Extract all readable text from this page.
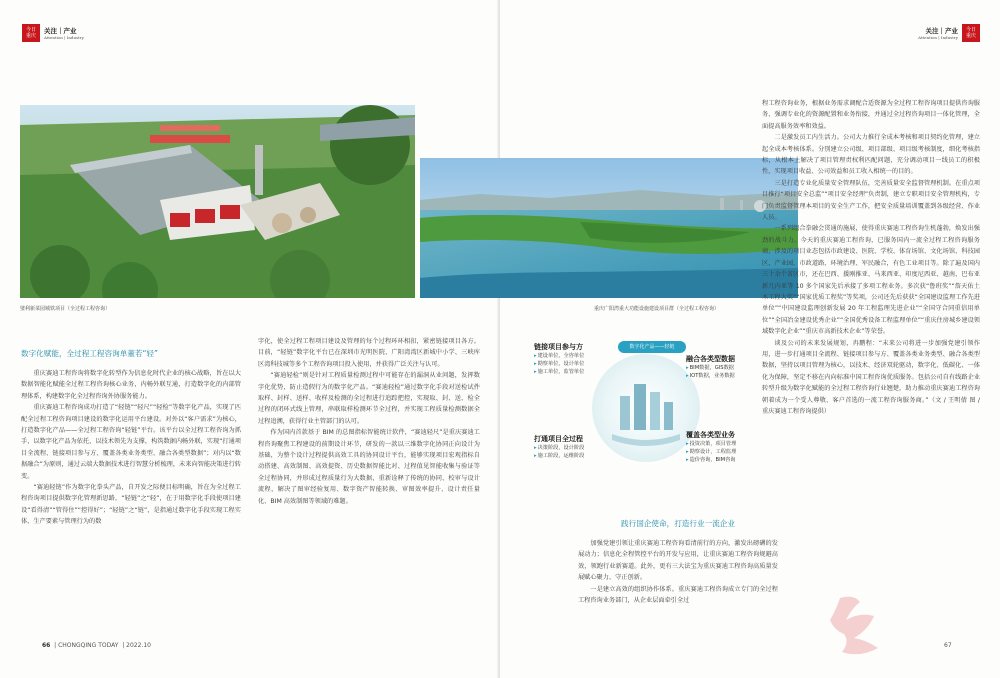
今日
重庆
关注｜产业
Attention | Industry
璧利新菜园城铁项目（全过程工程咨询）

数字化赋能，全过程工程咨询单董若“轻”

重庆赛迪工程咨询将数字化转型作为信息化时代企业的核心战略，旨在以大数据智能化赋能全过程工程咨询核心业务，内畅外联互通，打造数字化的内部管理体系，构建数字化全过程咨询外协服务能力。

重庆赛迪工程咨询成功打造了“轻链”“轻尺”“轻检”等数字化产品，实现了匹配全过程工程咨询项目建设的数字化运用平台建设。对外以“客户需求”为核心，打造数字化产品——全过程工程咨询“轻链”平台。该平台以全过程工程咨询为抓手，以数字化产品为依托，以技术领先为支撑，构筑数据内畅外联，实现“打通项目全流程、链接项目参与方、覆盖各类业务类型、融合各类型数据”；对内以“数据融合”为原则，通过云端大数据技术进行智慧分析梳理，未来向智能决策进行转变。

“赛迪轻链”作为数字化拳头产品，自开发之际便目标明确，旨在为全过程工程咨询项目提供数字化管理新思路，“轻链”之“轻”，在于用数字化手段使项目建设“看得清”“管得住”“控得好”；“轻链”之“链”，是指通过数字化手段实现工程实体、生产要素与管理行为的数

字化，使全过程工程项目建设及管理的每个过程环环相扣，紧密链接项目各方。目前，“轻链”数字化平台已在深圳市光明医院、广阳湾湾区新城中小学、三峡库区湾科技城等多个工程咨询项目投入使用，并获得广泛关注与认可。

“赛迪轻检”则是针对工程质量检测过程中可能存在的漏洞从业问题，发挥数字化优势，防止造假行为的数字化产品。“赛迪轻检”通过数字化手段对送检试件取样、封样、送样、收样及检测的全过程进行追踪把控，实现取、封、送、检全过程的闭环式线上管理，串联取样检测环节全过程，并实现工程质量检测数据全过程追溯，获得行业主管部门的认可。

作为国内首款基于 BIM 的总图指标智能统计软件，“赛迪轻尺”是重庆赛迪工程咨询聚焦工程建设的前期设计环节，研发的一款以三维数字化协同正向设计为基础，为整个设计过程提供高效工具的协同设计平台，能够实现项目宏观指标自动搭建、高效制图、高效提资、历史数据智能比对、过程值见智能收集与验证等全过程协同，并形成过程质量行为大数据，重新诠释了传统的协同、校审与设计流程，解决了图审经验复用、数字资产智能转换、审图效率提升、设计责任量化、BIM 高效制图等领域的难题。

66  | CHONGQING TODAY  | 2022.10
今日
重庆
关注｜产业
Attention | Industry
重庆广阳湾重大功能设施建设项目群（全过程工程咨询）
数字化产品——轻链
链接项目参与方
▸ 建设单位，全咨单位
▸ 勘察单位，设计单位
▸ 施工单位，监管单位
融合各类型数据
▸ BIM数据，GIS数据
▸ IOT数据，业务数据
打通项目全过程
▸ 决策阶段，设计阶段
▸ 施工阶段，运维阶段
覆盖各类型业务
▸ 投资决策，项目管理
▸ 勘察设计，工程监理
▸ 造价咨询，BIM咨询

践行国企使命，打造行业一流企业

加强党建引领让重庆赛迪工程咨询看清前行的方向，激发出磅礴的发展动力；信息化全程管控平台的开发与应用，让重庆赛迪工程咨询规避高效，领跑行业新赛道。此外，更有三大法宝为重庆赛迪工程咨询高质量发展赋心聚力、守正创新。

一是建立高效的组织协作体系。重庆赛迪工程咨询成立专门的全过程工程咨询业务部门，从企业层面牵引全过

程工程咨询业务，根据业务需求调配合适资源为全过程工程咨询项目提供咨询服务，强调专业化的资源配置和业务衔接，并通过全过程咨询项目一体化管理，全面提高服务效率和效益。

二是激发员工内生活力。公司大力推行全成本考核和项目契约化管理，建立起全成本考核体系。分别建立公司级、项目部级、项目级考核制度，细化考核指标，从根本上解决了项目管理责权利匹配问题，充分调动项目一线员工的积极性，实现项目收益、公司效益和员工收入相统一的目的。

三是打造专业化质量安全管理队伍，完善质量安全监督管理机制。在重点项目推行“项目安全总监”“项目安全经理”负责制，建立专职项目安全管理机构，专门负责监督管理本项目的安全生产工作，把安全质量培训覆盖到各级经营、作业人员。

一系列组合拳融会贯通的施展，使得重庆赛迪工程咨询生机蓬勃，焕发出强劲的战斗力。今天的重庆赛迪工程咨询，已服务国内一流全过程工程咨询服务商，涉及的项目业态包括市政建设、医院、学校、体育场馆、文化场馆、科技园区、产业园、市政道路、环境治理、军民融合，有色工业项目等。除了遍及国内三十余个省区市，还在巴西、援刚推亚、马来西亚、印度尼西亚、越南、巴布亚新几内亚等 10 多个国家先后承接了多项工程业务。多次获“鲁班奖”“詹天佑土木工程大奖”“国家优质工程奖”等奖项，公司还先后获获“全国建设监理工作先进单位”“中国建设监理创新发展 20 年工程监理先进企业”“全国守合同重信用单位”“全国冶金建设优秀企业”“全国优秀设备工程监理单位”“重庆住房城乡建设领域数字化企业”“重庆市高新技术企业”等荣誉。

谈及公司的未来发展规划，冉鹏程：“未来公司将进一步加强党建引领作用，进一步打通项目全流程、链接项目参与方、覆盖各类业务类型、融合各类型数据，坚持以项目管理为核心，以技术、经济双轮驱动，数字化、低碳化、一体化为保障，坚定不移在内向标准中国工程咨询优质服务。包括公司自有线路企业转型升级为数字化赋能的全过程工程咨询行业翘楚，助力推动重庆赛迪工程咨询朝着成为一个受人尊敬、客户首选的一流工程咨询服务商。”（文 / 王明倩 图 / 重庆赛迪工程咨询提供）

67
